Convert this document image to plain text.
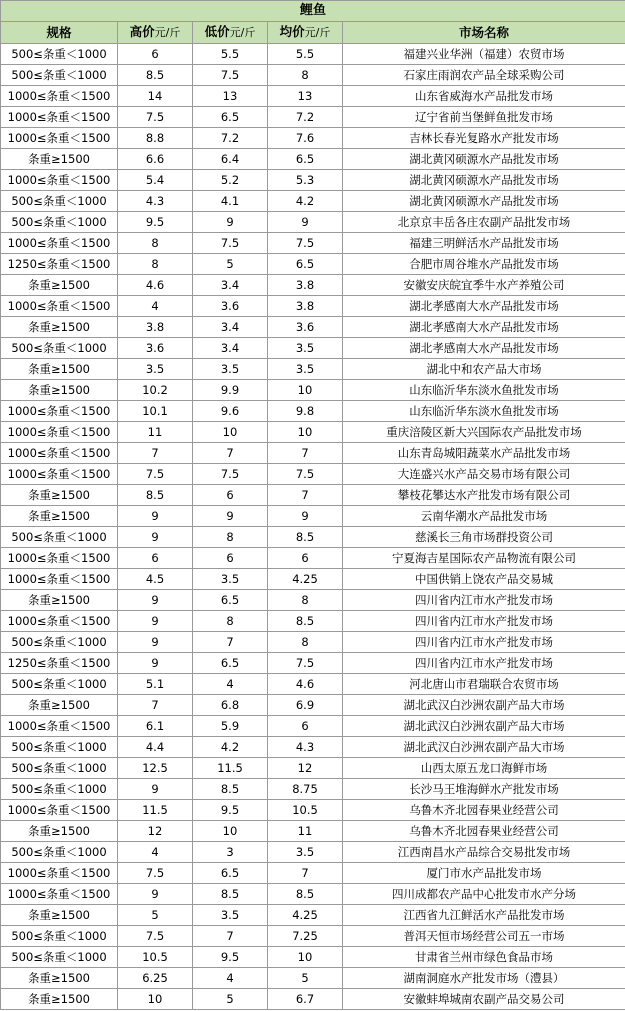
鲤鱼				
规格	高价元/斤	低价元/斤	均价元/斤	市场名称
500≤条重＜1000	6	5.5	5.5	福建兴业华洲（福建）农贸市场
500≤条重＜1000	8.5	7.5	8	石家庄雨润农产品全球采购公司
1000≤条重＜1500	14	13	13	山东省威海水产品批发市场
1000≤条重＜1500	7.5	6.5	7.2	辽宁省前当堡鲜鱼批发市场
1000≤条重＜1500	8.8	7.2	7.6	吉林长春光复路水产批发市场
条重≥1500	6.6	6.4	6.5	湖北黄冈硕源水产品批发市场
1000≤条重＜1500	5.4	5.2	5.3	湖北黄冈硕源水产品批发市场
500≤条重＜1000	4.3	4.1	4.2	湖北黄冈硕源水产品批发市场
500≤条重＜1000	9.5	9	9	北京京丰岳各庄农副产品批发市场
1000≤条重＜1500	8	7.5	7.5	福建三明鲜活水产品批发市场
1250≤条重＜1500	8	5	6.5	合肥市周谷堆水产品批发市场
条重≥1500	4.6	3.4	3.8	安徽安庆皖宜季牛水产养殖公司
1000≤条重＜1500	4	3.6	3.8	湖北孝感南大水产品批发市场
条重≥1500	3.8	3.4	3.6	湖北孝感南大水产品批发市场
500≤条重＜1000	3.6	3.4	3.5	湖北孝感南大水产品批发市场
条重≥1500	3.5	3.5	3.5	湖北中和农产品大市场
条重≥1500	10.2	9.9	10	山东临沂华东淡水鱼批发市场
1000≤条重＜1500	10.1	9.6	9.8	山东临沂华东淡水鱼批发市场
1000≤条重＜1500	11	10	10	重庆涪陵区新大兴国际农产品批发市场
1000≤条重＜1500	7	7	7	山东青岛城阳蔬菜水产品批发市场
1000≤条重＜1500	7.5	7.5	7.5	大连盛兴水产品交易市场有限公司
条重≥1500	8.5	6	7	攀枝花攀达水产批发市场有限公司
条重≥1500	9	9	9	云南华潮水产品批发市场
500≤条重＜1000	9	8	8.5	慈溪长三角市场群投资公司
1000≤条重＜1500	6	6	6	宁夏海吉星国际农产品物流有限公司
1000≤条重＜1500	4.5	3.5	4.25	中国供销上饶农产品交易城
条重≥1500	9	6.5	8	四川省内江市水产批发市场
1000≤条重＜1500	9	8	8.5	四川省内江市水产批发市场
500≤条重＜1000	9	7	8	四川省内江市水产批发市场
1250≤条重＜1500	9	6.5	7.5	四川省内江市水产批发市场
500≤条重＜1000	5.1	4	4.6	河北唐山市君瑞联合农贸市场
条重≥1500	7	6.8	6.9	湖北武汉白沙洲农副产品大市场
1000≤条重＜1500	6.1	5.9	6	湖北武汉白沙洲农副产品大市场
500≤条重＜1000	4.4	4.2	4.3	湖北武汉白沙洲农副产品大市场
500≤条重＜1000	12.5	11.5	12	山西太原五龙口海鲜市场
500≤条重＜1000	9	8.5	8.75	长沙马王堆海鲜水产批发市场
1000≤条重＜1500	11.5	9.5	10.5	乌鲁木齐北园春果业经营公司
条重≥1500	12	10	11	乌鲁木齐北园春果业经营公司
500≤条重＜1000	4	3	3.5	江西南昌水产品综合交易批发市场
1000≤条重＜1500	7.5	6.5	7	厦门市水产品批发市场
1000≤条重＜1500	9	8.5	8.5	四川成都农产品中心批发市水产分场
条重≥1500	5	3.5	4.25	江西省九江鲜活水产品批发市场
500≤条重＜1000	7.5	7	7.25	普洱天恒市场经营公司五一市场
500≤条重＜1000	10.5	9.5	10	甘肃省兰州市绿色食品市场
条重≥1500	6.25	4	5	湖南洞庭水产批发市场（澧县）
条重≥1500	10	5	6.7	安徽蚌埠城南农副产品交易公司
